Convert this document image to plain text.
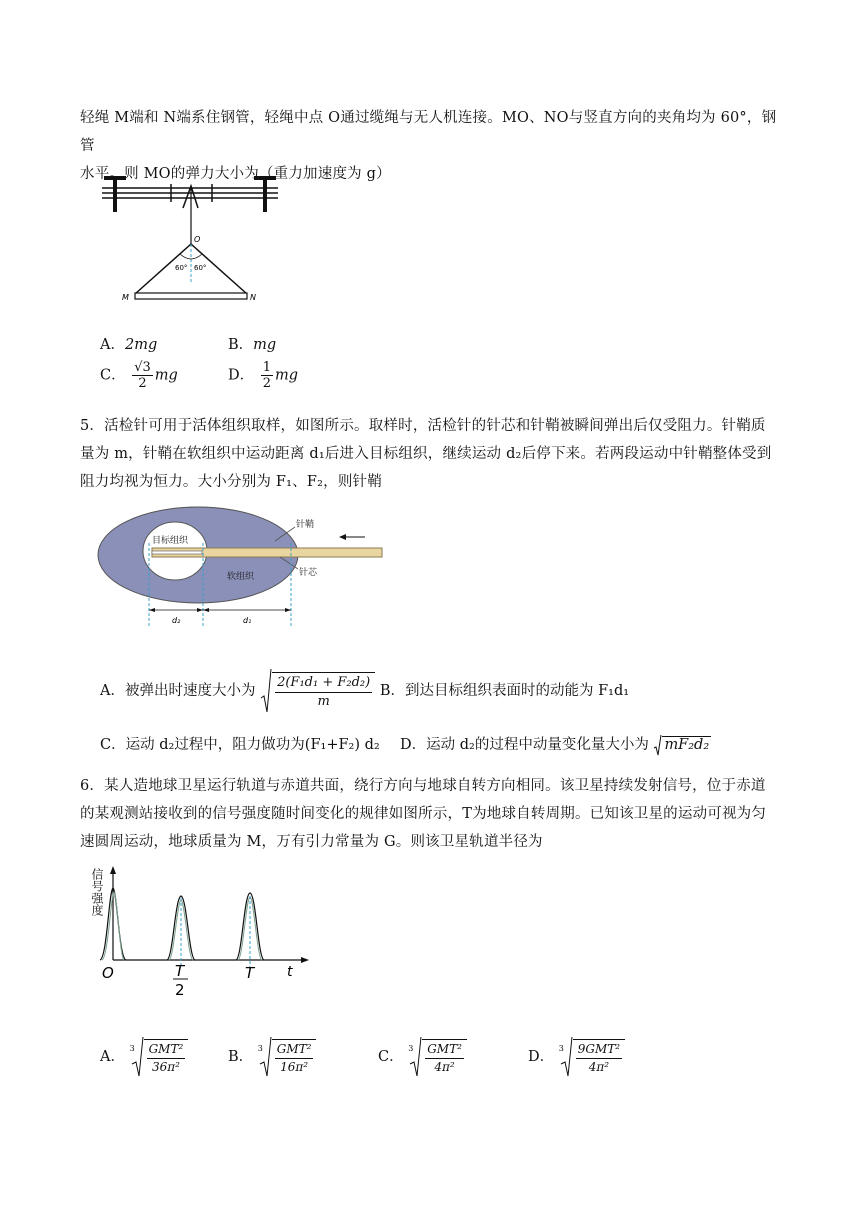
轻绳 M端和 N端系住钢管，轻绳中点 O通过缆绳与无人机连接。MO、NO与竖直方向的夹角均为 60°，钢管
水平。则 MO的弹力大小为（重力加速度为 g）
O
M	N
60° 60°
A．2mg	B．mg
C． $\frac{√3}{2}$ mg	D． $\frac{1}{2}$ mg
5．活检针可用于活体组织取样，如图所示。取样时，活检针的针芯和针鞘被瞬间弹出后仅受阻力。针鞘质
量为 m，针鞘在软组织中运动距离 d₁后进入目标组织，继续运动 d₂后停下来。若两段运动中针鞘整体受到
阻力均视为恒力。大小分别为 F₁、F₂，则针鞘
目标组织
软组织
针鞘
针芯
d₂	d₁
A．被弹出时速度大小为 $\frac{\text{2(F₁d₁ + F₂d₂)}}{m}$ B．到达目标组织表面时的动能为 F₁d₁
C．运动 d₂过程中，阻力做功为(F₁+F₂) d₂ D．运动 d₂的过程中动量变化量大小为 mF₂d₂
6．某人造地球卫星运行轨道与赤道共面，绕行方向与地球自转方向相同。该卫星持续发射信号，位于赤道
的某观测站接收到的信号强度随时间变化的规律如图所示，T为地球自转周期。已知该卫星的运动可视为匀
速圆周运动，地球质量为 M，万有引力常量为 G。则该卫星轨道半径为
信号强度
t
O	T
2
T
A．
3 GMT²
36π²
B．
3 GMT²
16π²
C．
3 GMT²
4π²
D．
3 9GMT²
4π²
